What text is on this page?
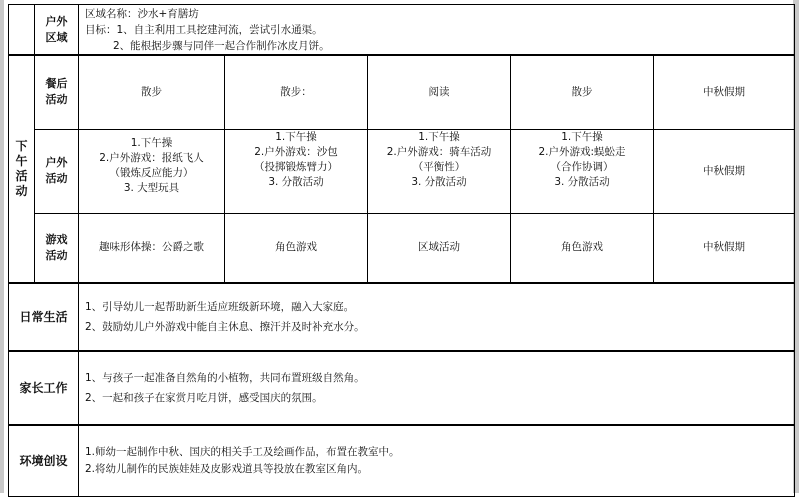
	户外
区域	区域名称：沙水+育膳坊
目标：1、自主利用工具挖建河流，尝试引水通渠。
2、能根据步骤与同伴一起合作制作冰皮月饼。				

下
午
活
动	餐后
活动	散步	散步：	阅读	散步	中秋假期

	户外
活动	1.下午操
2.户外游戏：报纸飞人
（锻炼反应能力）
3. 大型玩具	1.下午操
2.户外游戏：沙包
（投掷锻炼臂力）
3. 分散活动	1.下午操
2.户外游戏：骑车活动
（平衡性）
3. 分散活动	1.下午操
2.户外游戏:蜈蚣走
（合作协调）
3. 分散活动	中秋假期

	游戏
活动	趣味形体操：公爵之歌	角色游戏	区域活动	角色游戏	中秋假期
日常生活		1、引导幼儿一起帮助新生适应班级新环境，融入大家庭。
2、鼓励幼儿户外游戏中能自主休息、擦汗并及时补充水分。				

家长工作		1、与孩子一起准备自然角的小植物，共同布置班级自然角。
2、一起和孩子在家赏月吃月饼，感受国庆的氛围。				

环境创设		1.师幼一起制作中秋、国庆的相关手工及绘画作品，布置在教室中。
2.将幼儿制作的民族娃娃及皮影戏道具等投放在教室区角内。				
